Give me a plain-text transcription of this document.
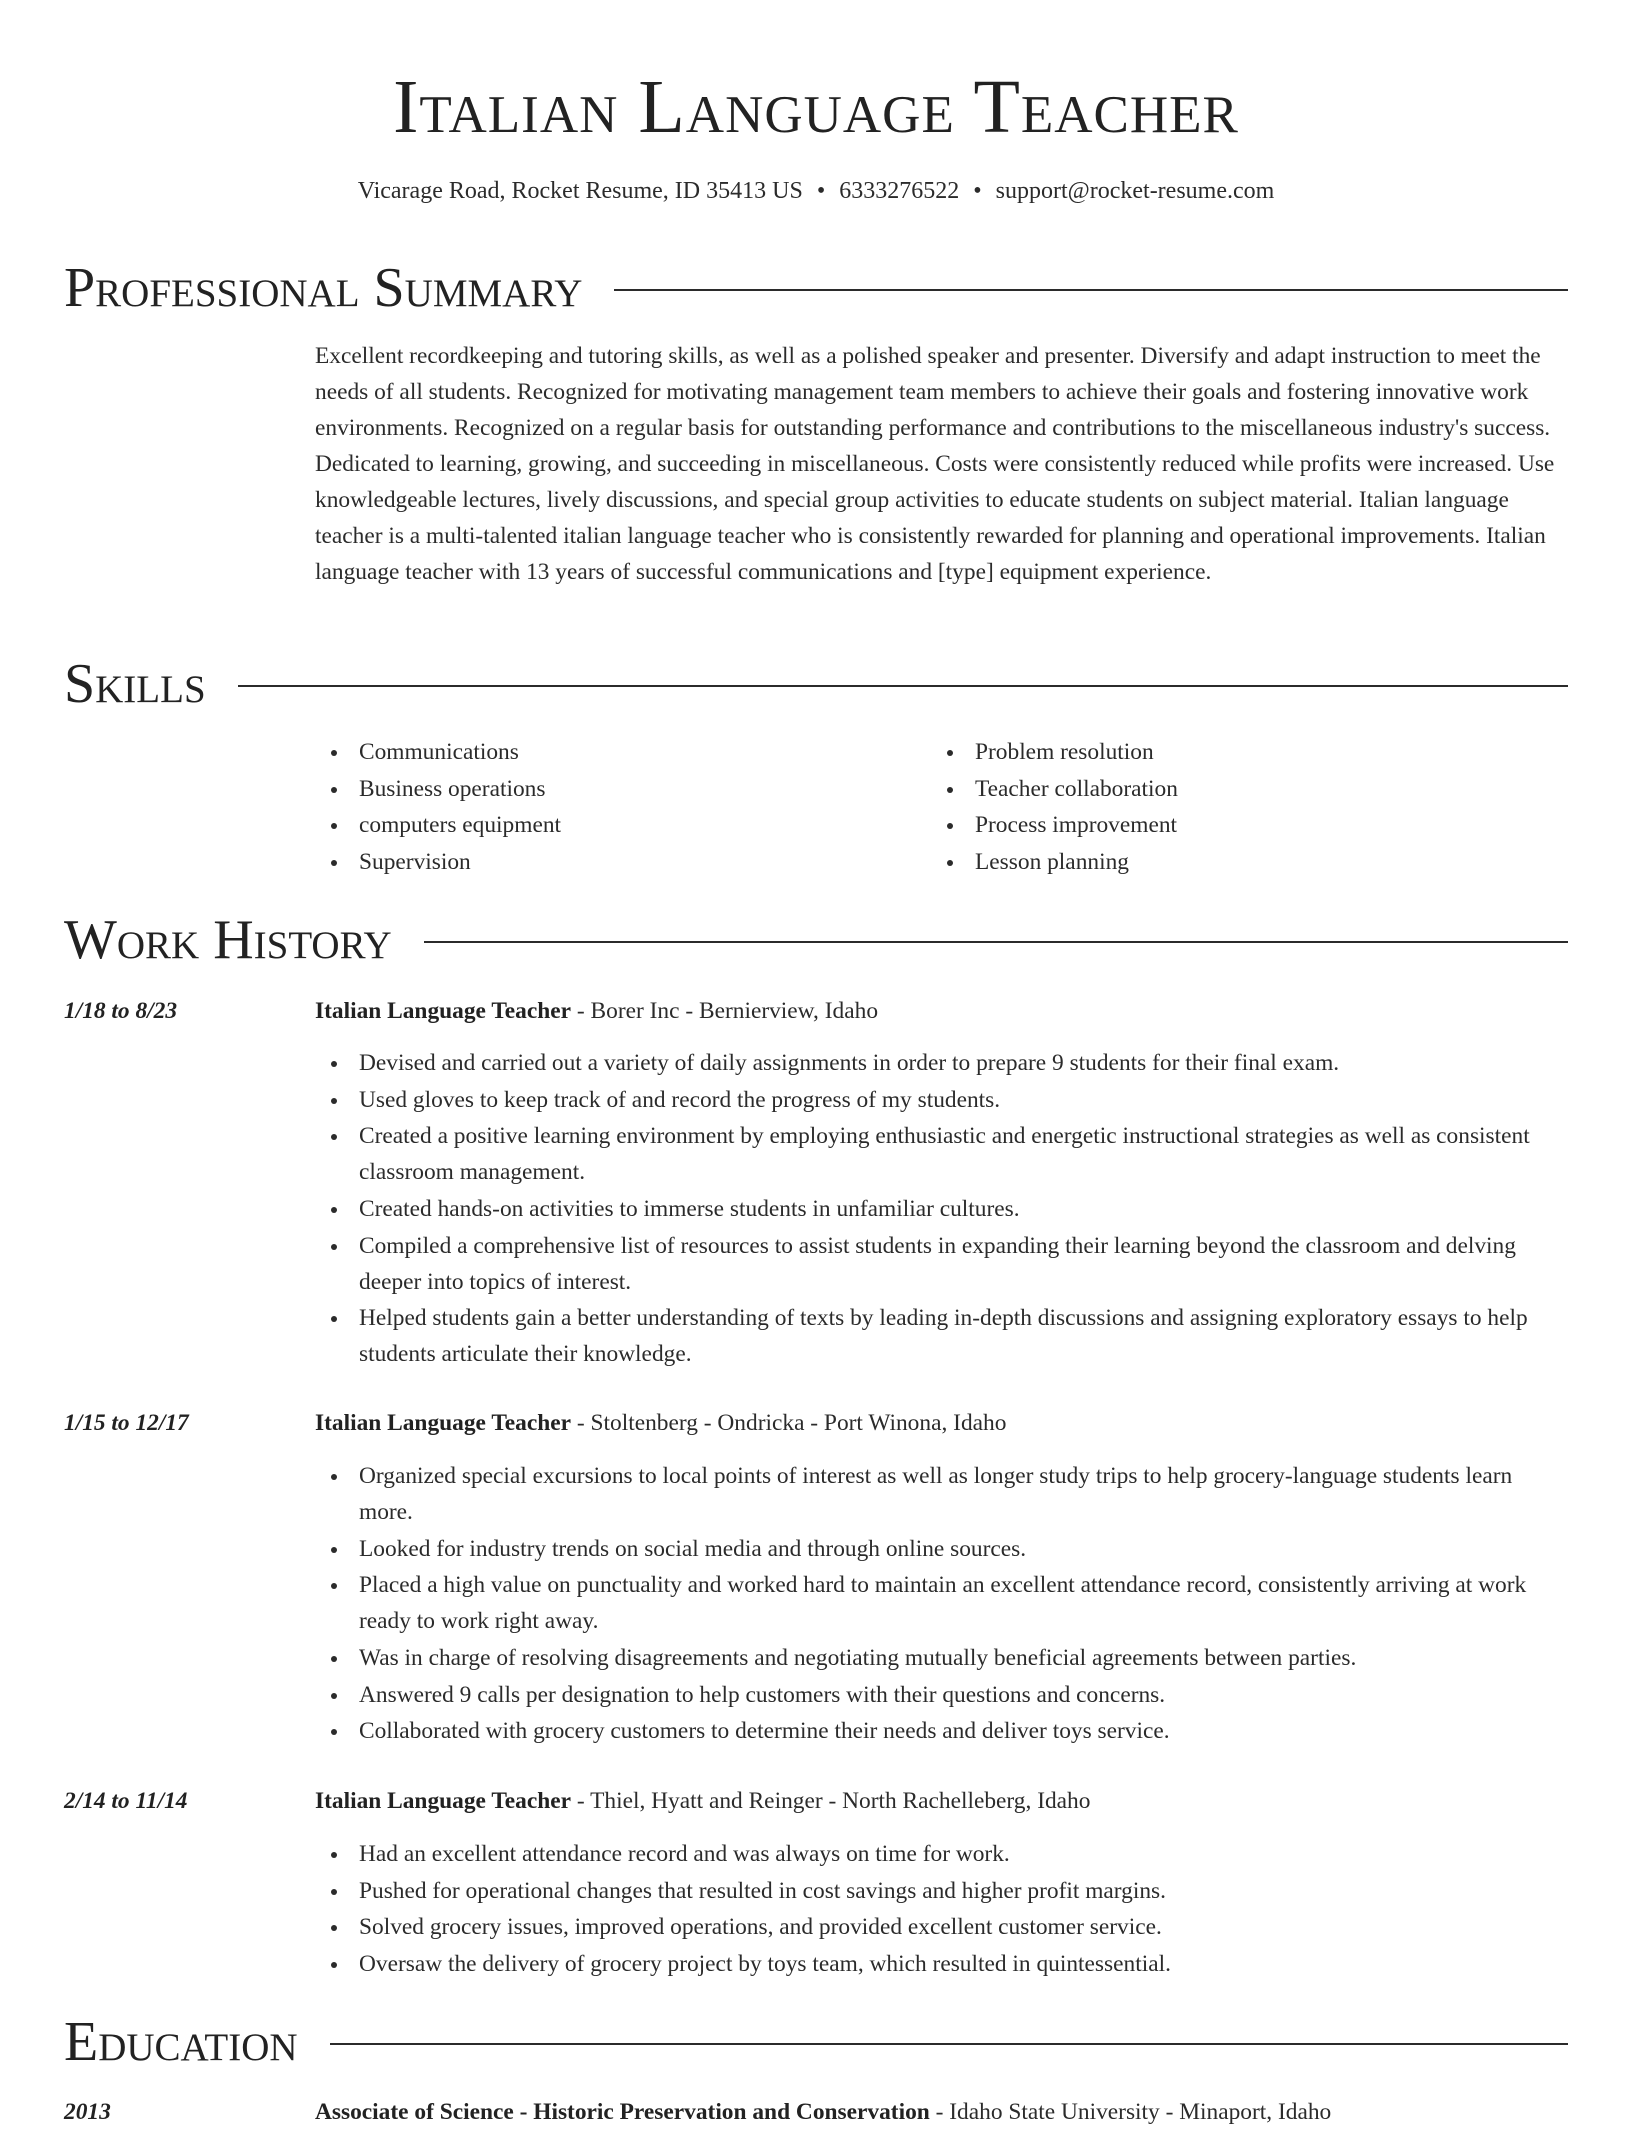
Italian Language Teacher
Vicarage Road, Rocket Resume, ID 35413 US • 6333276522 • support@rocket-resume.com
Professional Summary

Excellent recordkeeping and tutoring skills, as well as a polished speaker and presenter. Diversify and adapt instruction to meet the needs of all students. Recognized for motivating management team members to achieve their goals and fostering innovative work environments. Recognized on a regular basis for outstanding performance and contributions to the miscellaneous industry's success. Dedicated to learning, growing, and succeeding in miscellaneous. Costs were consistently reduced while profits were increased. Use knowledgeable lectures, lively discussions, and special group activities to educate students on subject material. Italian language teacher is a multi-talented italian language teacher who is consistently rewarded for planning and operational improvements. Italian language teacher with 13 years of successful communications and [type] equipment experience.

Skills
Communications
Business operations
computers equipment
Supervision
Problem resolution
Teacher collaboration
Process improvement
Lesson planning
Work History
1/18 to 8/23	Italian Language Teacher - Borer Inc - Bernierview, Idaho
Devised and carried out a variety of daily assignments in order to prepare 9 students for their final exam.
Used gloves to keep track of and record the progress of my students.
Created a positive learning environment by employing enthusiastic and energetic instructional strategies as well as consistent classroom management.
Created hands-on activities to immerse students in unfamiliar cultures.
Compiled a comprehensive list of resources to assist students in expanding their learning beyond the classroom and delving deeper into topics of interest.
Helped students gain a better understanding of texts by leading in-depth discussions and assigning exploratory essays to help students articulate their knowledge.
1/15 to 12/17	Italian Language Teacher - Stoltenberg - Ondricka - Port Winona, Idaho
Organized special excursions to local points of interest as well as longer study trips to help grocery-language students learn more.
Looked for industry trends on social media and through online sources.
Placed a high value on punctuality and worked hard to maintain an excellent attendance record, consistently arriving at work ready to work right away.
Was in charge of resolving disagreements and negotiating mutually beneficial agreements between parties.
Answered 9 calls per designation to help customers with their questions and concerns.
Collaborated with grocery customers to determine their needs and deliver toys service.
2/14 to 11/14	Italian Language Teacher - Thiel, Hyatt and Reinger - North Rachelleberg, Idaho
Had an excellent attendance record and was always on time for work.
Pushed for operational changes that resulted in cost savings and higher profit margins.
Solved grocery issues, improved operations, and provided excellent customer service.
Oversaw the delivery of grocery project by toys team, which resulted in quintessential.
Education
2013	Associate of Science - Historic Preservation and Conservation - Idaho State University - Minaport, Idaho
